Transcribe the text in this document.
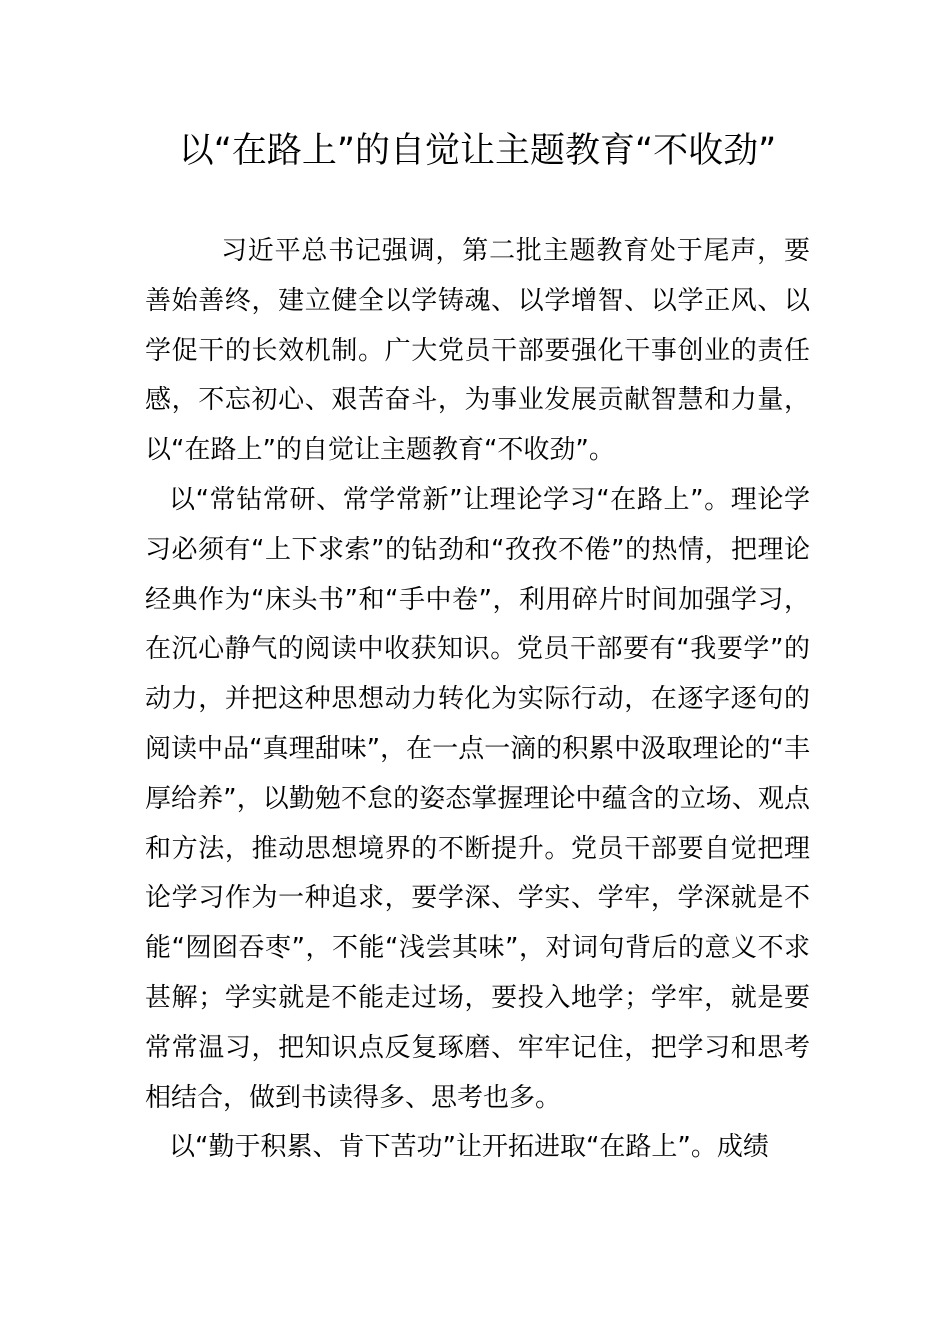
以“在路上”的自觉让主题教育“不收劲”

习近平总书记强调，第二批主题教育处于尾声，要善始善终，建立健全以学铸魂、以学增智、以学正风、以学促干的长效机制。广大党员干部要强化干事创业的责任感，不忘初心、艰苦奋斗，为事业发展贡献智慧和力量，以“在路上”的自觉让主题教育“不收劲”。

以“常钻常研、常学常新”让理论学习“在路上”。理论学习必须有“上下求索”的钻劲和“孜孜不倦”的热情，把理论经典作为“床头书”和“手中卷”，利用碎片时间加强学习，在沉心静气的阅读中收获知识。党员干部要有“我要学”的动力，并把这种思想动力转化为实际行动，在逐字逐句的阅读中品“真理甜味”，在一点一滴的积累中汲取理论的“丰厚给养”，以勤勉不怠的姿态掌握理论中蕴含的立场、观点和方法，推动思想境界的不断提升。党员干部要自觉把理论学习作为一种追求，要学深、学实、学牢，学深就是不能“囫囵吞枣”，不能“浅尝其味”，对词句背后的意义不求甚解；学实就是不能走过场，要投入地学；学牢，就是要常常温习，把知识点反复琢磨、牢牢记住，把学习和思考相结合，做到书读得多、思考也多。

以“勤于积累、肯下苦功”让开拓进取“在路上”。成绩
